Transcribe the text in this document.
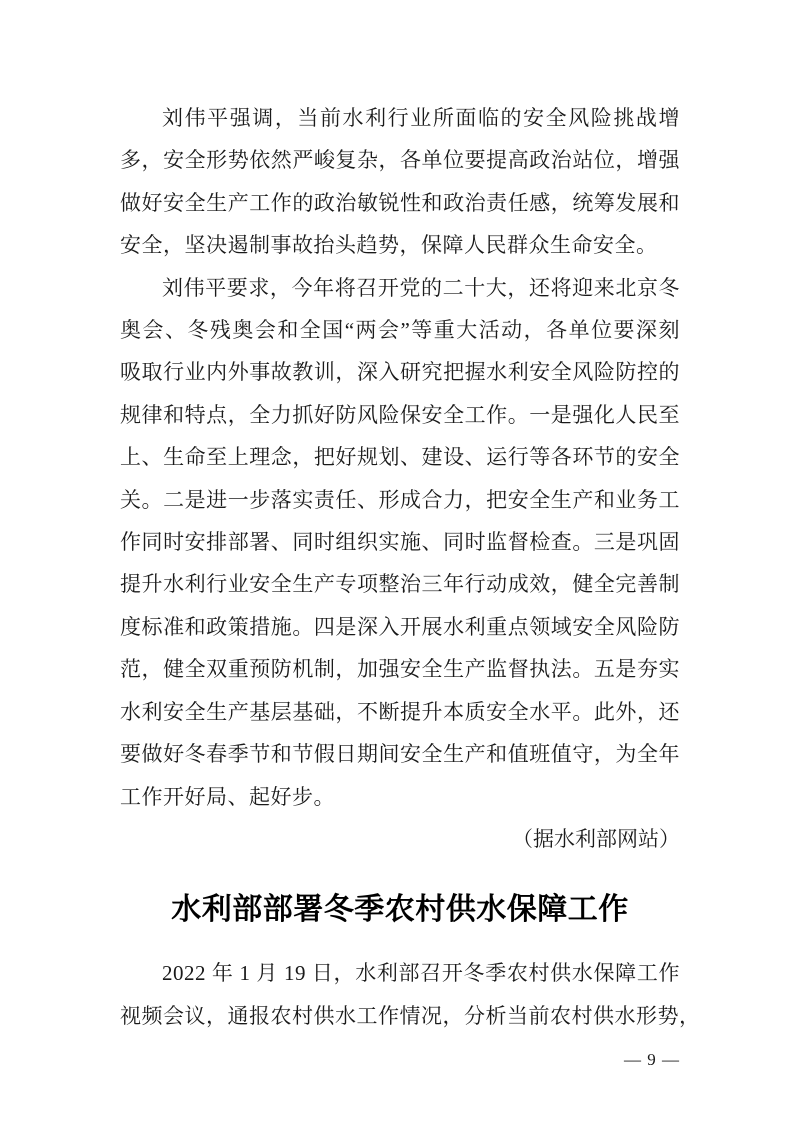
刘伟平强调，当前水利行业所面临的安全风险挑战增
多，安全形势依然严峻复杂，各单位要提高政治站位，增强
做好安全生产工作的政治敏锐性和政治责任感，统筹发展和
安全，坚决遏制事故抬头趋势，保障人民群众生命安全。
刘伟平要求，今年将召开党的二十大，还将迎来北京冬
奥会、冬残奥会和全国“两会”等重大活动，各单位要深刻
吸取行业内外事故教训，深入研究把握水利安全风险防控的
规律和特点，全力抓好防风险保安全工作。一是强化人民至
上、生命至上理念，把好规划、建设、运行等各环节的安全
关。二是进一步落实责任、形成合力，把安全生产和业务工
作同时安排部署、同时组织实施、同时监督检查。三是巩固
提升水利行业安全生产专项整治三年行动成效，健全完善制
度标准和政策措施。四是深入开展水利重点领域安全风险防
范，健全双重预防机制，加强安全生产监督执法。五是夯实
水利安全生产基层基础，不断提升本质安全水平。此外，还
要做好冬春季节和节假日期间安全生产和值班值守，为全年
工作开好局、起好步。
（据水利部网站）
水利部部署冬季农村供水保障工作
2022 年 1 月 19 日，水利部召开冬季农村供水保障工作
视频会议，通报农村供水工作情况，分析当前农村供水形势，
— 9 —
